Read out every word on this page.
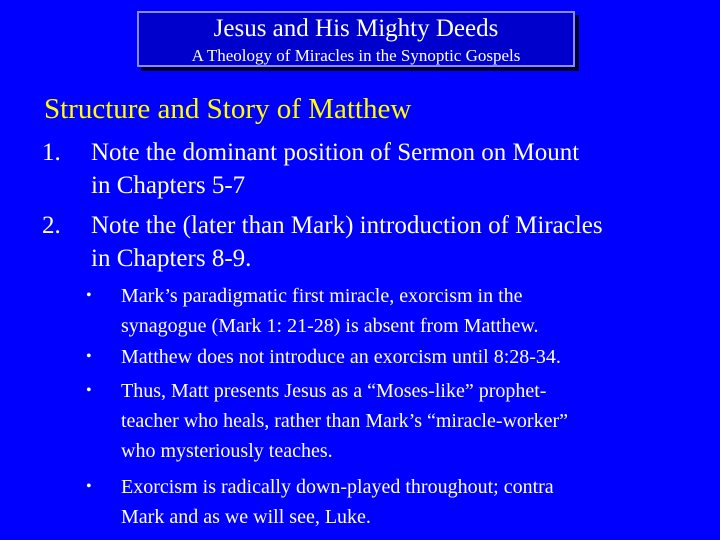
Jesus and His Mighty Deeds
A Theology of Miracles in the Synoptic Gospels
Structure and Story of Matthew
1. Note the dominant position of Sermon on Mount
in Chapters 5-7
2. Note the (later than Mark) introduction of Miracles
in Chapters 8-9.
• Mark’s paradigmatic first miracle, exorcism in the
synagogue (Mark 1: 21-28) is absent from Matthew.
• Matthew does not introduce an exorcism until 8:28-34.
• Thus, Matt presents Jesus as a “Moses-like” prophet-
teacher who heals, rather than Mark’s “miracle-worker”
who mysteriously teaches.
• Exorcism is radically down-played throughout; contra
Mark and as we will see, Luke.
